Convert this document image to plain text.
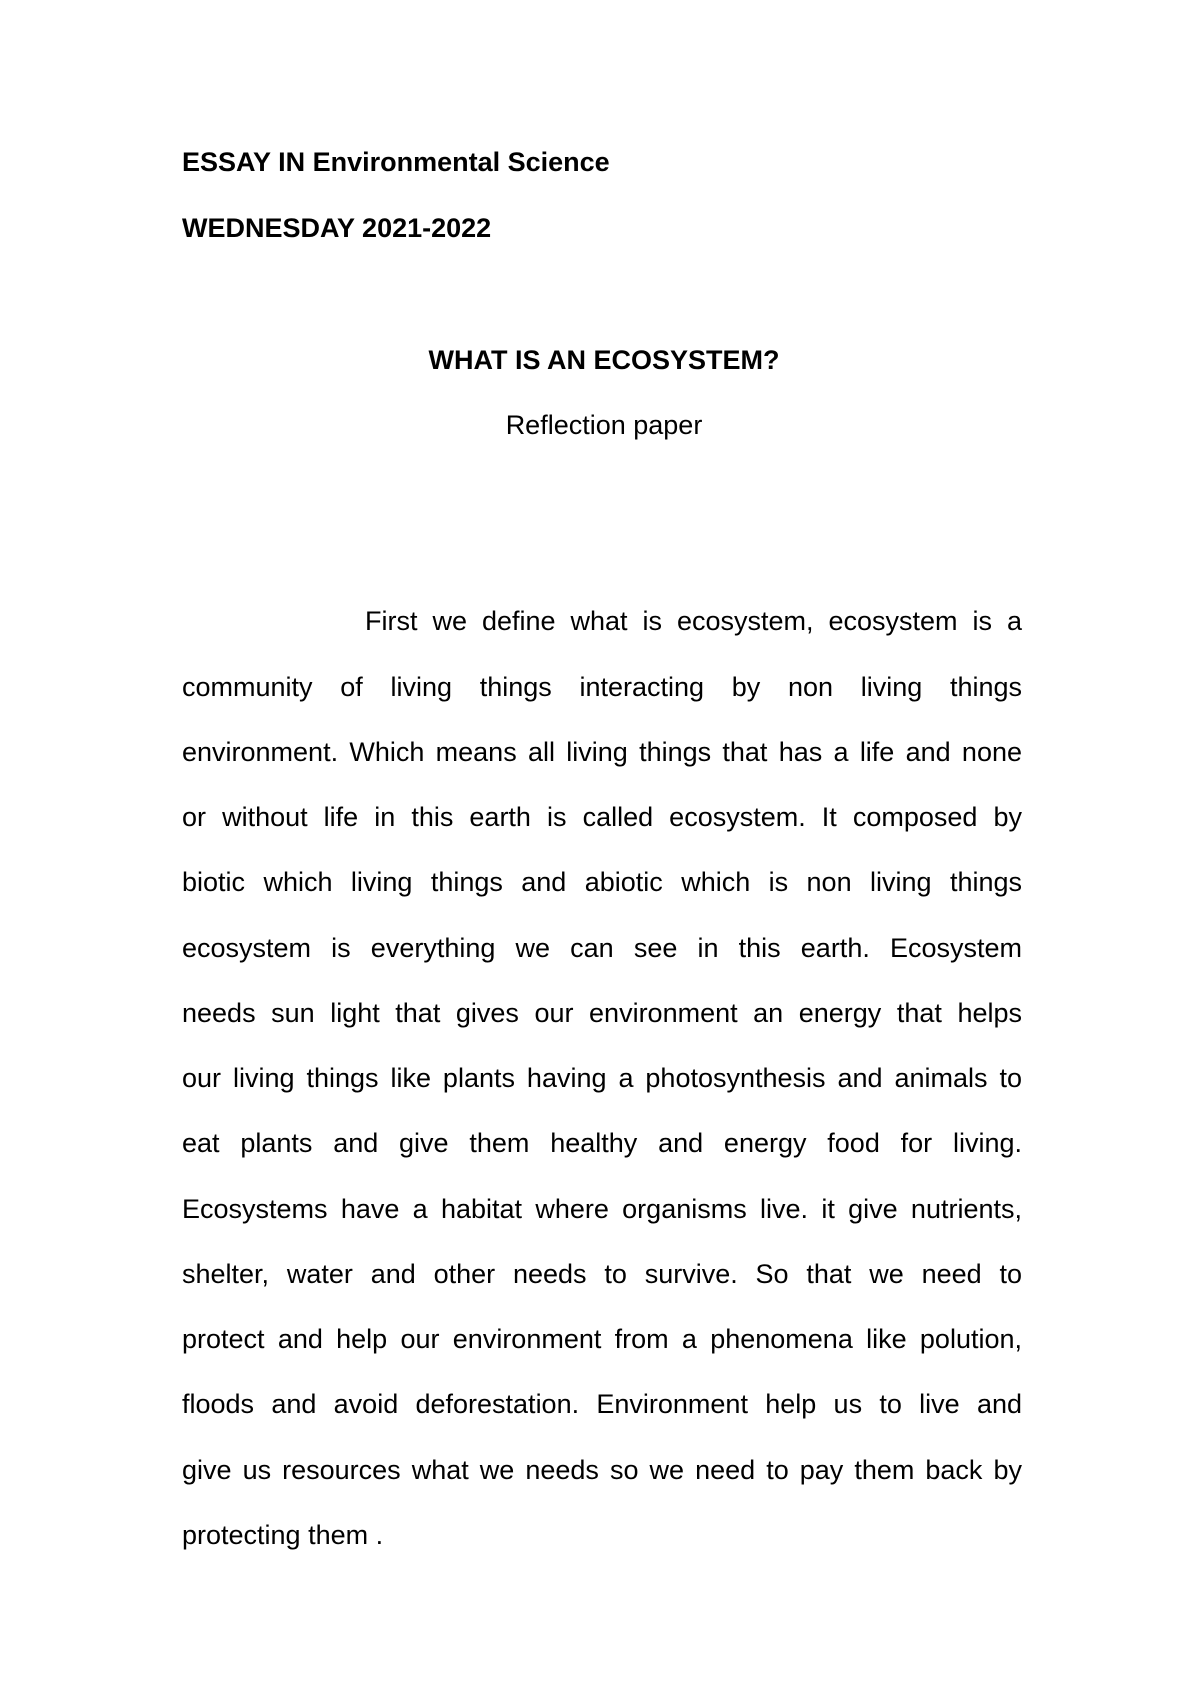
ESSAY IN Environmental Science
WEDNESDAY 2021-2022
WHAT IS AN ECOSYSTEM?
Reflection paper
First we define what is ecosystem, ecosystem is a
community of living things interacting by non living things
environment. Which means all living things that has a life and none
or without life in this earth is called ecosystem. It composed by
biotic which living things and abiotic which is non living things
ecosystem is everything we can see in this earth. Ecosystem
needs sun light that gives our environment an energy that helps
our living things like plants having a photosynthesis and animals to
eat plants and give them healthy and energy food for living.
Ecosystems have a habitat where organisms live. it give nutrients,
shelter, water and other needs to survive. So that we need to
protect and help our environment from a phenomena like polution,
floods and avoid deforestation. Environment help us to live and
give us resources what we needs so we need to pay them back by
protecting them .
